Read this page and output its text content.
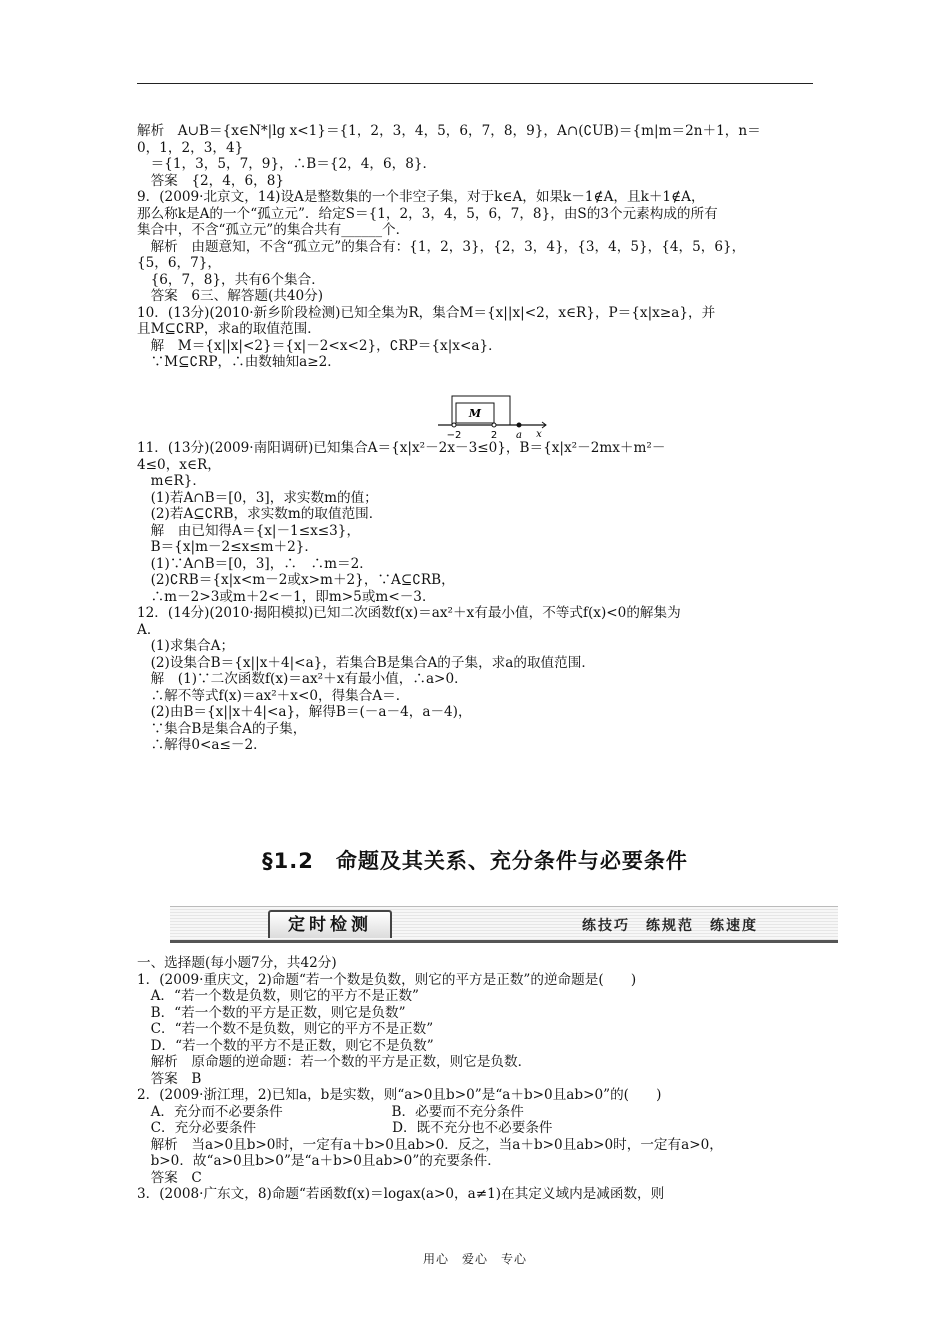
解析　A∪B＝{x∈N*|lg x<1}＝{1，2，3，4，5，6，7，8，9}，A∩(∁UB)＝{m|m＝2n＋1，n＝
0，1，2，3，4}
　＝{1，3，5，7，9}，∴B＝{2，4，6，8}．
　答案　{2，4，6，8}
9．(2009·北京文，14)设A是整数集的一个非空子集，对于k∈A，如果k－1∉A，且k＋1∉A，
那么称k是A的一个“孤立元”．给定S＝{1，2，3，4，5，6，7，8}，由S的3个元素构成的所有
集合中，不含“孤立元”的集合共有______个．
　解析　由题意知，不含“孤立元”的集合有：{1，2，3}，{2，3，4}，{3，4，5}，{4，5，6}，
{5，6，7}，
　{6，7，8}，共有6个集合．
　答案　6三、解答题(共40分)
10．(13分)(2010·新乡阶段检测)已知全集为R，集合M＝{x||x|<2，x∈R}，P＝{x|x≥a}，并
且M⊆∁RP，求a的取值范围．
　解　M＝{x||x|<2}＝{x|－2<x<2}，∁RP＝{x|x<a}．
　∵M⊆∁RP，∴由数轴知a≥2．
M
−2	2 a x
11．(13分)(2009·南阳调研)已知集合A＝{x|x²－2x－3≤0}，B＝{x|x²－2mx＋m²－
4≤0，x∈R，
　m∈R}．
　(1)若A∩B＝[0，3]，求实数m的值；
　(2)若A⊆∁RB，求实数m的取值范围．
　解　由已知得A＝{x|－1≤x≤3}，
　B＝{x|m－2≤x≤m＋2}．
　(1)∵A∩B＝[0，3]，∴　∴m＝2．
　(2)∁RB＝{x|x<m－2或x>m＋2}，∵A⊆∁RB，
　∴m－2>3或m＋2<－1，即m>5或m<－3．
12．(14分)(2010·揭阳模拟)已知二次函数f(x)＝ax²＋x有最小值，不等式f(x)<0的解集为
A．
　(1)求集合A；
　(2)设集合B＝{x||x＋4|<a}，若集合B是集合A的子集，求a的取值范围．
　解　(1)∵二次函数f(x)＝ax²＋x有最小值，∴a>0．
　∴解不等式f(x)＝ax²＋x<0，得集合A＝．
　(2)由B＝{x||x＋4|<a}，解得B＝(－a－4，a－4)，
　∵集合B是集合A的子集，
　∴解得0<a≤－2．
§1.2　命题及其关系、充分条件与必要条件
定时检测	练技巧　练规范　练速度
一、选择题(每小题7分，共42分)
1．(2009·重庆文，2)命题“若一个数是负数，则它的平方是正数”的逆命题是(　　)
　A．“若一个数是负数，则它的平方不是正数”
　B．“若一个数的平方是正数，则它是负数”
　C．“若一个数不是负数，则它的平方不是正数”
　D．“若一个数的平方不是正数，则它不是负数”
　解析　原命题的逆命题：若一个数的平方是正数，则它是负数．
　答案　B
2．(2009·浙江理，2)已知a，b是实数，则“a>0且b>0”是“a＋b>0且ab>0”的(　　)
　A．充分而不必要条件　　　　　　　　B．必要而不充分条件
　C．充分必要条件　　　　　　　　　　D．既不充分也不必要条件
　解析　当a>0且b>0时，一定有a＋b>0且ab>0．反之，当a＋b>0且ab>0时，一定有a>0，
　b>0．故“a>0且b>0”是“a＋b>0且ab>0”的充要条件．
　答案　C
3．(2008·广东文，8)命题“若函数f(x)＝logax(a>0，a≠1)在其定义域内是减函数，则
用心　爱心　专心
